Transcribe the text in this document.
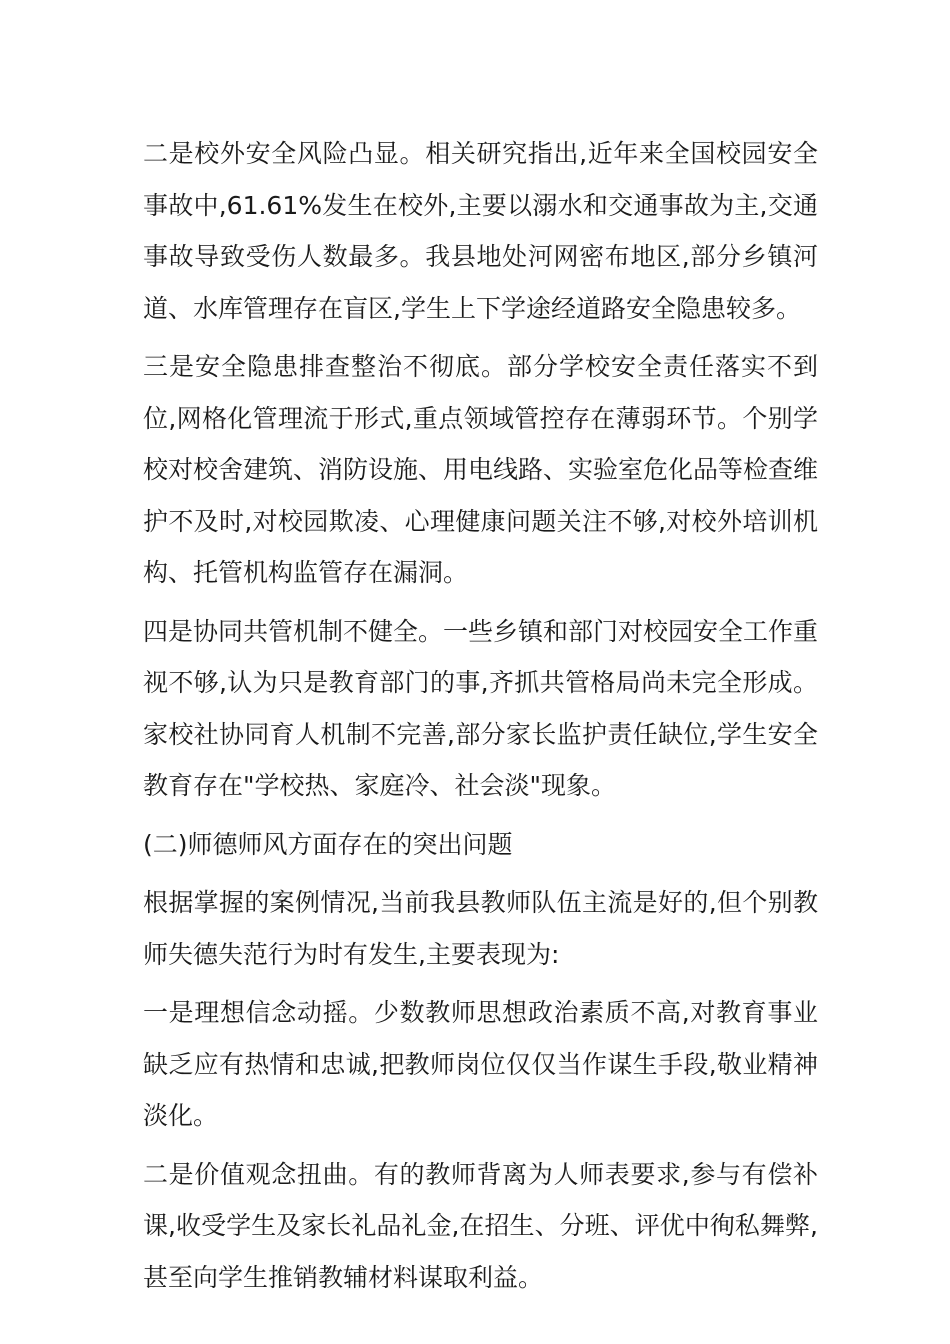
二是校外安全风险凸显。相关研究指出,近年来全国校园安全事故中,61.61%发生在校外,主要以溺水和交通事故为主,交通事故导致受伤人数最多。我县地处河网密布地区,部分乡镇河道、水库管理存在盲区,学生上下学途经道路安全隐患较多。

三是安全隐患排查整治不彻底。部分学校安全责任落实不到位,网格化管理流于形式,重点领域管控存在薄弱环节。个别学校对校舍建筑、消防设施、用电线路、实验室危化品等检查维护不及时,对校园欺凌、心理健康问题关注不够,对校外培训机构、托管机构监管存在漏洞。

四是协同共管机制不健全。一些乡镇和部门对校园安全工作重视不够,认为只是教育部门的事,齐抓共管格局尚未完全形成。家校社协同育人机制不完善,部分家长监护责任缺位,学生安全教育存在"学校热、家庭冷、社会淡"现象。

(二)师德师风方面存在的突出问题

根据掌握的案例情况,当前我县教师队伍主流是好的,但个别教师失德失范行为时有发生,主要表现为:

一是理想信念动摇。少数教师思想政治素质不高,对教育事业缺乏应有热情和忠诚,把教师岗位仅仅当作谋生手段,敬业精神淡化。

二是价值观念扭曲。有的教师背离为人师表要求,参与有偿补课,收受学生及家长礼品礼金,在招生、分班、评优中徇私舞弊,甚至向学生推销教辅材料谋取利益。
